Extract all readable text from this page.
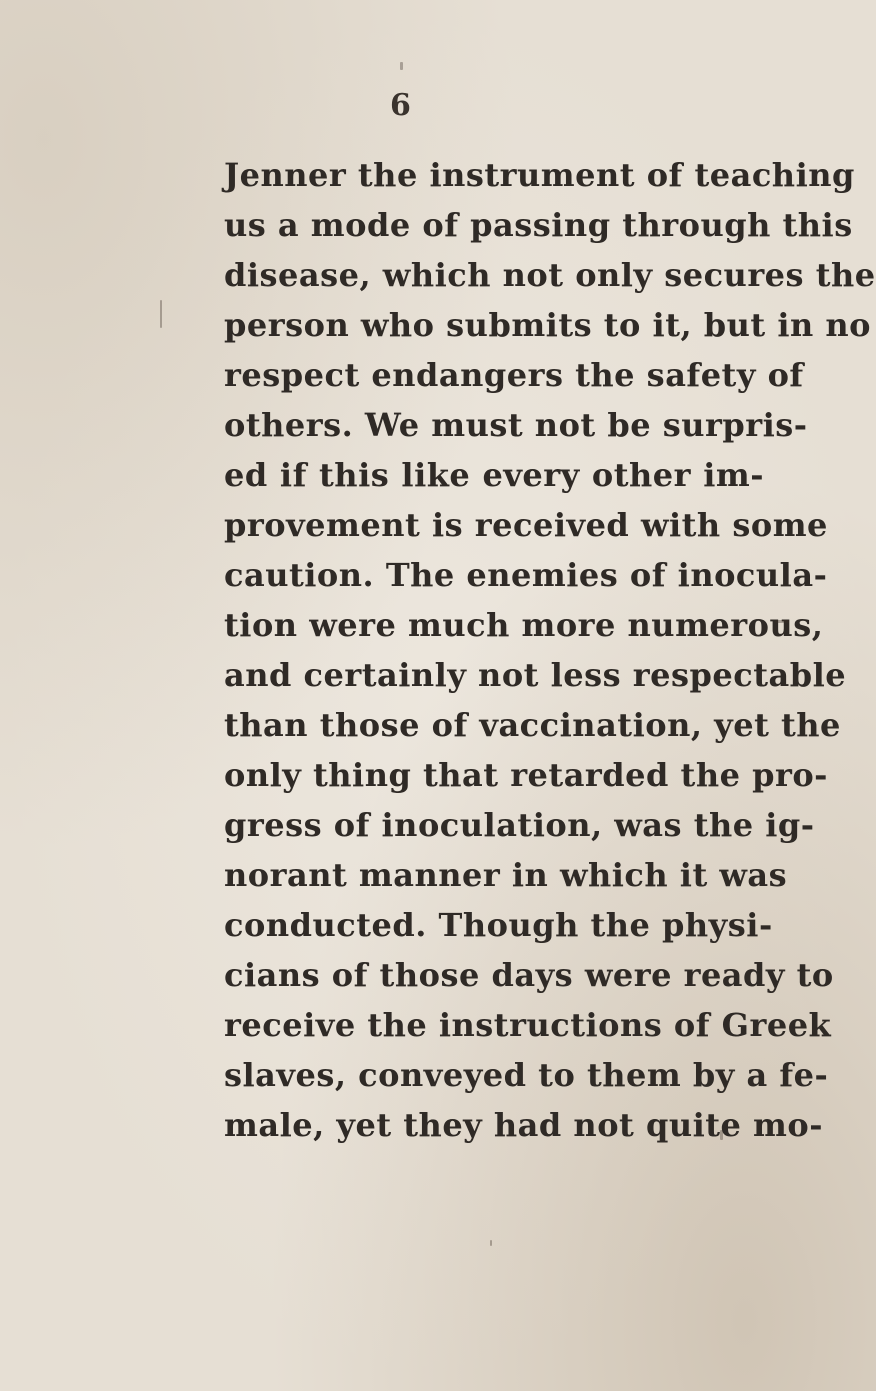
6
Jenner the instrument of teaching
us a mode of passing through this
disease, which not only secures the
person who submits to it, but in no
respect endangers the safety of
others. We must not be surpris-
ed if this like every other im-
provement is received with some
caution. The enemies of inocula-
tion were much more numerous,
and certainly not less respectable
than those of vaccination, yet the
only thing that retarded the pro-
gress of inoculation, was the ig-
norant manner in which it was
conducted. Though the physi-
cians of those days were ready to
receive the instructions of Greek
slaves, conveyed to them by a fe-
male, yet they had not quite mo-
